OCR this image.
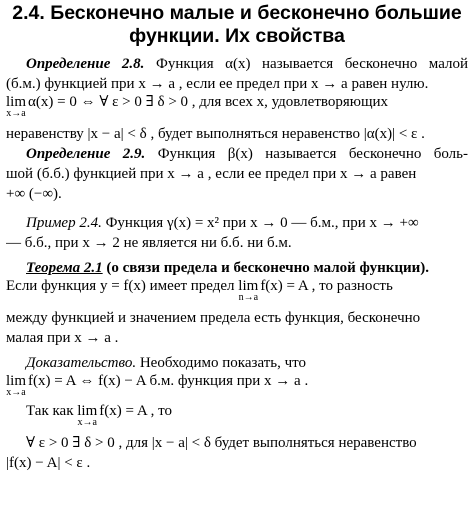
2.4. Бесконечно малые и бесконечно большие
функции. Их свойства
Определение 2.8. Функция α(x) называется бесконечно малой
(б.м.) функцией при x → a , если ее предел при x → a равен нулю.
lim
x→a
α(x) = 0 ⇔ ∀ ε > 0 ∃ δ > 0 , для всех x, удовлетворяющих
неравенству |x − a| < δ , будет выполняться неравенство |α(x)| < ε .
Определение 2.9. Функция β(x) называется бесконечно боль-
шой (б.б.) функцией при x → a , если ее предел при x → a равен
+∞ (−∞).
Пример 2.4. Функция γ(x) = x² при x → 0 — б.м., при x → +∞
— б.б., при x → 2 не является ни б.б. ни б.м.
Теорема 2.1 (о связи предела и бесконечно малой функции).
Если функция y = f(x) имеет предел lim
n→a
f(x) = A , то разность
между функцией и значением предела есть функция, бесконечно
малая при x → a .
Доказательство. Необходимо показать, что
lim
x→a
f(x) = A ⇔ f(x) − A б.м. функция при x → a .
Так как lim
x→a
f(x) = A , то
∀ ε > 0 ∃ δ > 0 , для |x − a| < δ будет выполняться неравенство
|f(x) − A| < ε .
